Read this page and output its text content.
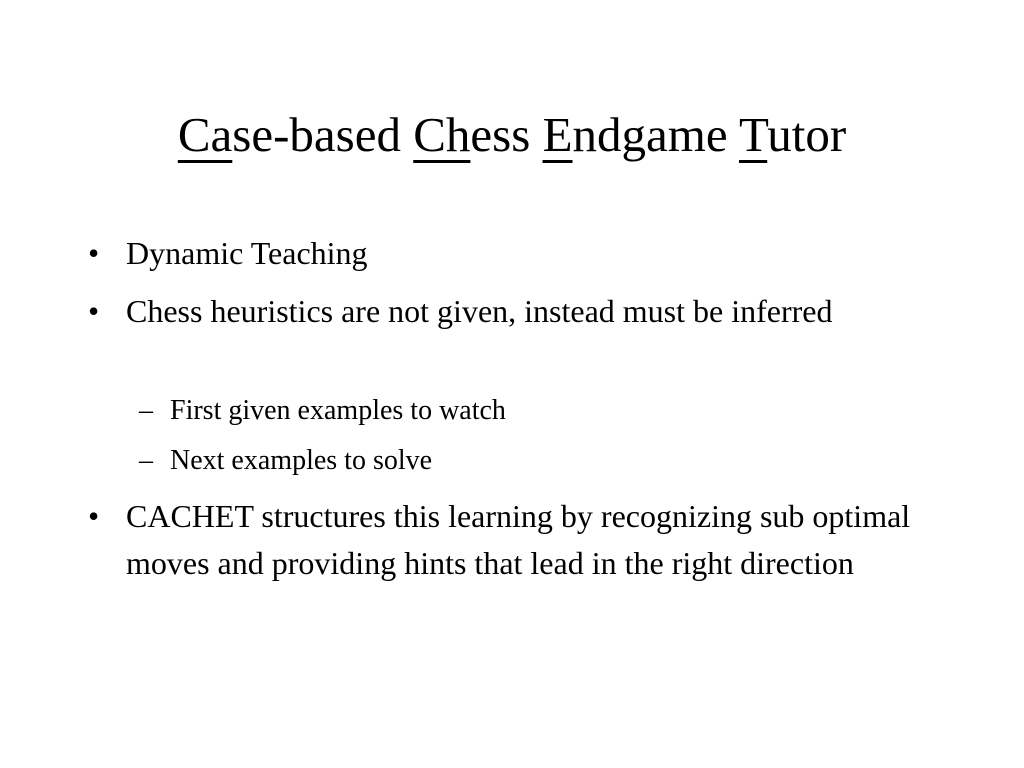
Case-based Chess Endgame Tutor
• Dynamic Teaching
• Chess heuristics are not given, instead must be inferred
– First given examples to watch
– Next examples to solve
• CACHET structures this learning by recognizing sub optimal moves and providing hints that lead in the right direction
